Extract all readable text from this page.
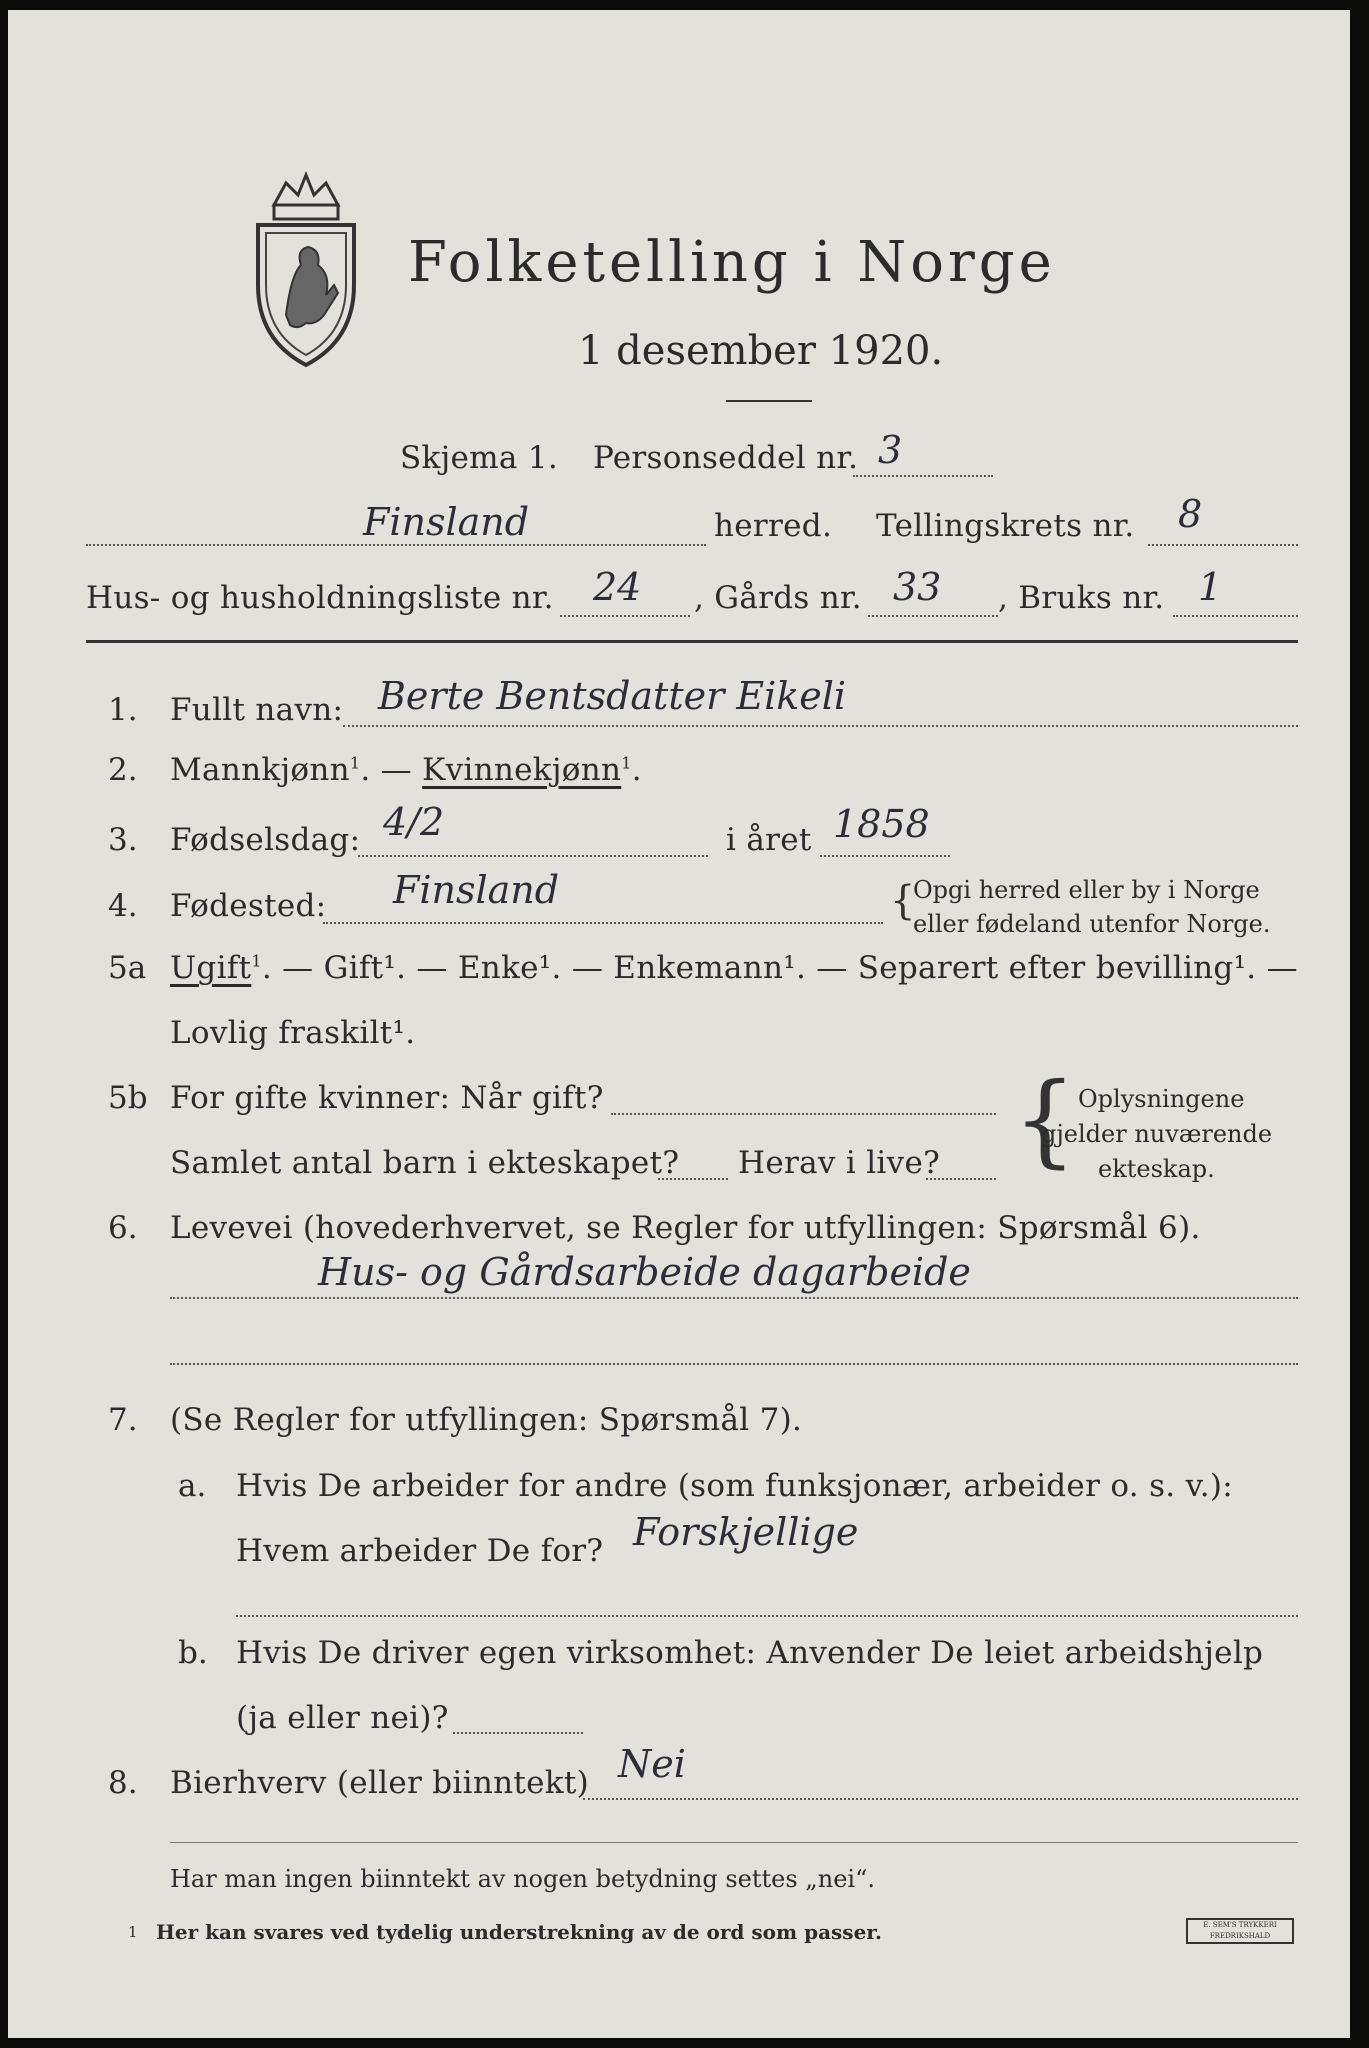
Folketelling i Norge
1 desember 1920.
Skjema 1. Personseddel nr. 3
Finsland	herred. Tellingskrets nr. 8
Hus- og husholdningsliste nr. 24 , Gårds nr. 33 , Bruks nr. 1
1. Fullt navn: Berte Bentsdatter Eikeli
2. Mannkjønn$^1$. — Kvinnekjønn$^1$.
3. Fødselsdag: 4/2	i året 1858
4. Fødested: Finsland	{
Opgi herred eller by i Norge
eller fødeland utenfor Norge.
5a Ugift$^1$. — Gift¹. — Enke¹. — Enkemann¹. — Separert efter bevilling¹. —
Lovlig fraskilt¹.
5b For gifte kvinner: Når gift?
Samlet antal barn i ekteskapet? Herav i live? { Oplysningene
gjelder nuværende
ekteskap.
6. Levevei (hovederhvervet, se Regler for utfyllingen: Spørsmål 6).
Hus- og Gårdsarbeide dagarbeide
7. (Se Regler for utfyllingen: Spørsmål 7).
a. Hvis De arbeider for andre (som funksjonær, arbeider o. s. v.):
Hvem arbeider De for? Forskjellige
b. Hvis De driver egen virksomhet: Anvender De leiet arbeidshjelp
(ja eller nei)?
8. Bierhverv (eller biinntekt) Nei
Har man ingen biinntekt av nogen betydning settes „nei“.
1 Her kan svares ved tydelig understrekning av de ord som passer.	E. SEM'S TRYKKERI FREDRIKSHALD
